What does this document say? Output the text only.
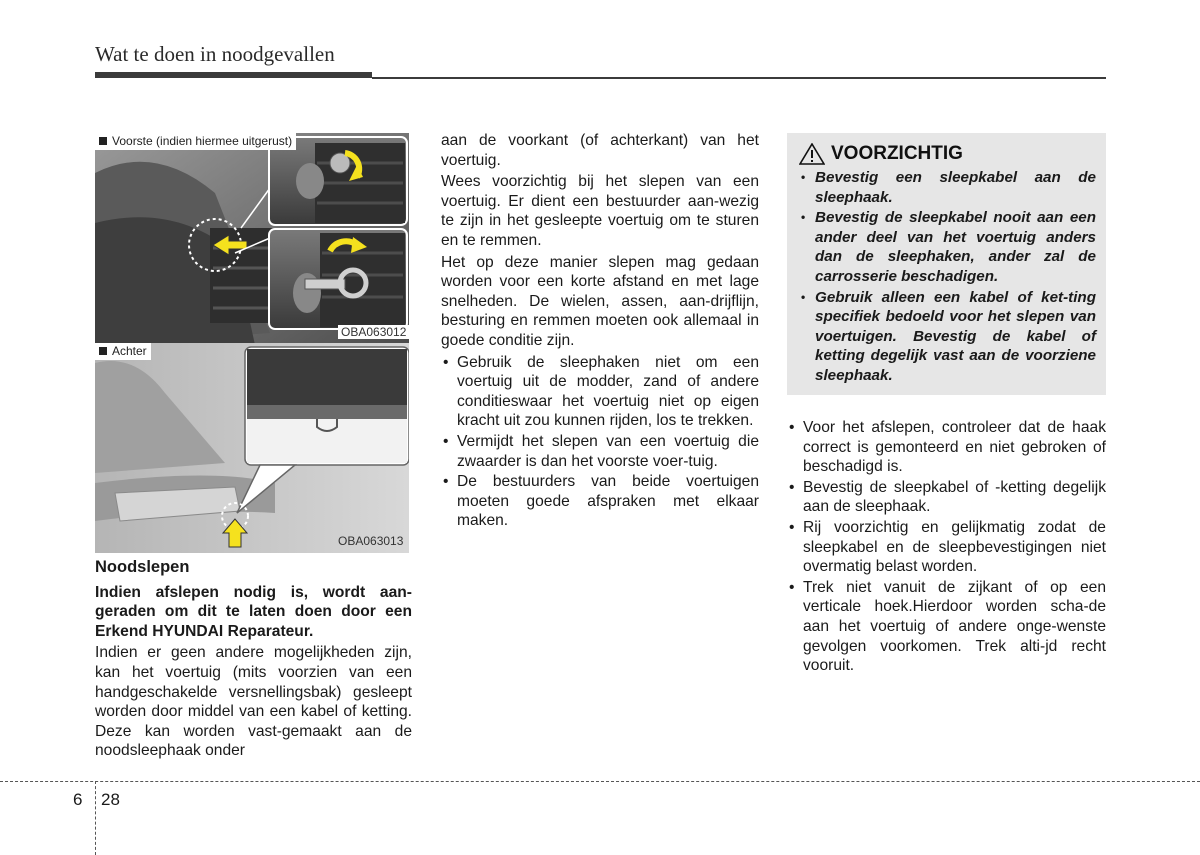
Wat te doen in noodgevallen
Voorste (indien hiermee uitgerust)
OBA063012
Achter
OBA063013
Noodslepen
Indien afslepen nodig is, wordt aan-geraden om dit te laten doen door een Erkend HYUNDAI Reparateur.
Indien er geen andere mogelijkheden zijn, kan het voertuig (mits voorzien van een handgeschakelde versnellingsbak) gesleept worden door middel van een kabel of ketting. Deze kan worden vast-gemaakt aan de noodsleephaak onder

aan de voorkant (of achterkant) van het voertuig.

Wees voorzichtig bij het slepen van een voertuig. Er dient een bestuurder aan-wezig te zijn in het gesleepte voertuig om te sturen en te remmen.

Het op deze manier slepen mag gedaan worden voor een korte afstand en met lage snelheden. De wielen, assen, aan-drijflijn, besturing en remmen moeten ook allemaal in goede conditie zijn.

• Gebruik de sleephaken niet om een voertuig uit de modder, zand of andere conditieswaar het voertuig niet op eigen kracht uit zou kunnen rijden, los te trekken.
• Vermijdt het slepen van een voertuig die zwaarder is dan het voorste voer-tuig.
• De bestuurders van beide voertuigen moeten goede afspraken met elkaar maken.
VOORZICHTIG
• Bevestig een sleepkabel aan de sleephaak.
• Bevestig de sleepkabel nooit aan een ander deel van het voertuig anders dan de sleephaken, ander zal de carrosserie beschadigen.
• Gebruik alleen een kabel of ket-ting specifiek bedoeld voor het slepen van voertuigen. Bevestig de kabel of ketting degelijk vast aan de voorziene sleephaak.
• Voor het afslepen, controleer dat de haak correct is gemonteerd en niet gebroken of beschadigd is.
• Bevestig de sleepkabel of -ketting degelijk aan de sleephaak.
• Rij voorzichtig en gelijkmatig zodat de sleepkabel en de sleepbevestigingen niet overmatig belast worden.
• Trek niet vanuit de zijkant of op een verticale hoek.Hierdoor worden scha-de aan het voertuig of andere onge-wenste gevolgen voorkomen. Trek alti-jd recht vooruit.
6 28
